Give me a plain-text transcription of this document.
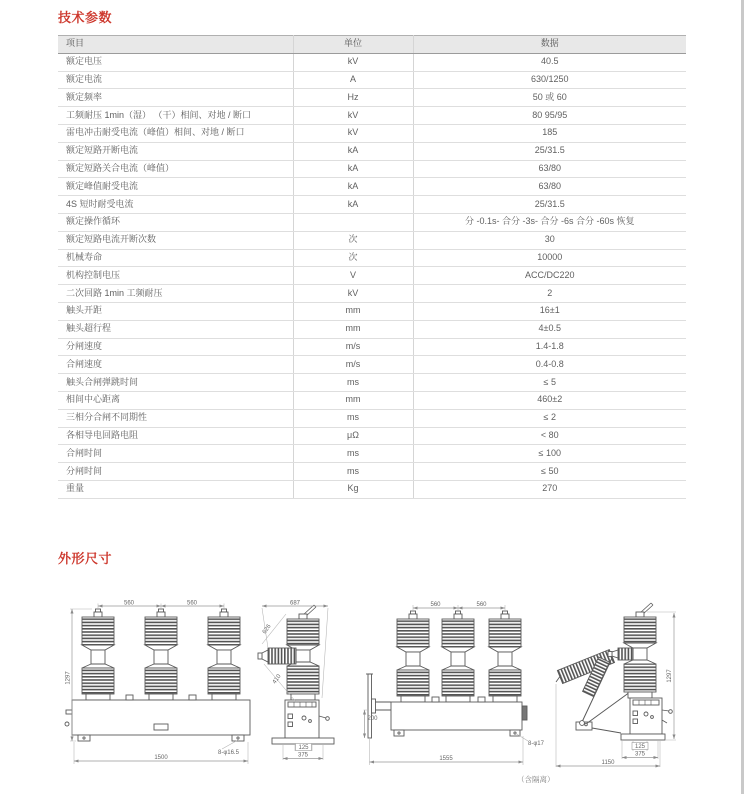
技术参数
项目	单位	数据
额定电压	kV	40.5
额定电流	A	630/1250
额定频率	Hz	50 或 60
工频耐压 1min（湿） （干）相间、对地 / 断口	kV	80 95/95
雷电冲击耐受电流（峰值）相间、对地 / 断口	kV	185
额定短路开断电流	kA	25/31.5
额定短路关合电流（峰值）	kA	63/80
额定峰值耐受电流	kA	63/80
4S 短时耐受电流	kA	25/31.5
额定操作循环		分 -0.1s- 合分 -3s- 合分 -6s 合分 -60s 恢复
额定短路电流开断次数	次	30
机械寿命	次	10000
机构控制电压	V	ACC/DC220
二次回路 1min 工频耐压	kV	2
触头开距	mm	16±1
触头超行程	mm	4±0.5
分闸速度	m/s	1.4-1.8
合闸速度	m/s	0.4-0.8
触头合闸弹跳时间	ms	≤ 5
相间中心距离	mm	460±2
三相分合闸不同期性	ms	≤ 2
各相导电回路电阻	μΩ	< 80
合闸时间	ms	≤ 100
分闸时间	ms	≤ 50
重量	Kg	270
外形尺寸
560	560
1297
1500
8-φ16.5
687
626
410
125
375
560	560
200
1555
8-φ17
1297
125
375
1150
（含隔离）
